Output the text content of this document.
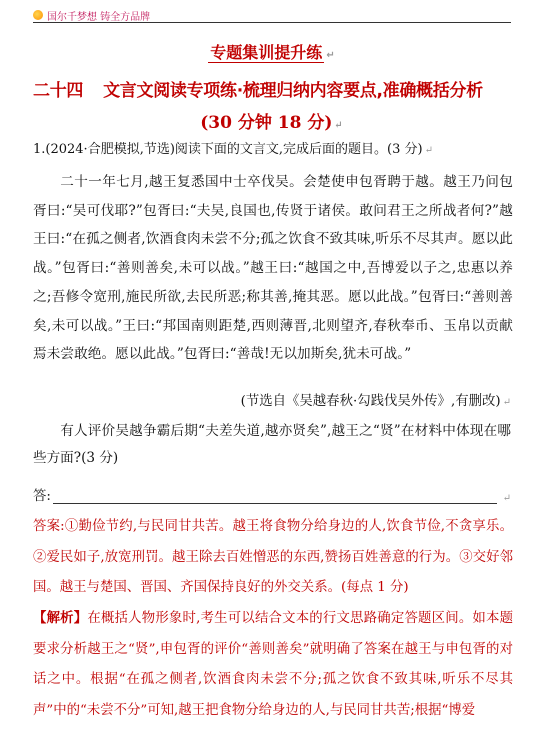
国尔千梦想 铸全方品牌
专题集训提升练 ↵
二十四 文言文阅读专项练·梳理归纳内容要点,准确概括分析
(30 分钟 18 分) ↵
1.(2024·合肥模拟,节选)阅读下面的文言文,完成后面的题目。(3 分) ↵

二十一年七月,越王复悉国中士卒伐吴。会楚使申包胥聘于越。越王乃问包胥曰:“吴可伐耶?”包胥曰:“夫吴,良国也,传贤于诸侯。敢问君王之所战者何?”越王曰:“在孤之侧者,饮酒食肉未尝不分;孤之饮食不致其味,听乐不尽其声。愿以此战。”包胥曰:“善则善矣,未可以战。”越王曰:“越国之中,吾博爱以子之,忠惠以养之;吾修令宽刑,施民所欲,去民所恶;称其善,掩其恶。愿以此战。”包胥曰:“善则善矣,未可以战。”王曰:“邦国南则距楚,西则薄晋,北则望齐,春秋奉币、玉帛以贡献焉未尝敢绝。愿以此战。”包胥曰:“善哉!无以加斯矣,犹未可战。”

(节选自《吴越春秋·勾践伐吴外传》,有删改) ↵
有人评价吴越争霸后期“夫差失道,越亦贤矣”,越王之“贤”在材料中体现在哪些方面?(3 分)
答:	↵
答案:①勤俭节约,与民同甘共苦。越王将食物分给身边的人,饮食节俭,不贪享乐。②爱民如子,放宽刑罚。越王除去百姓憎恶的东西,赞扬百姓善意的行为。③交好邻国。越王与楚国、晋国、齐国保持良好的外交关系。(每点 1 分)
【解析】在概括人物形象时,考生可以结合文本的行文思路确定答题区间。如本题要求分析越王之“贤”,申包胥的评价“善则善矣”就明确了答案在越王与申包胥的对话之中。根据“在孤之侧者,饮酒食肉未尝不分;孤之饮食不致其味,听乐不尽其声”中的“未尝不分”可知,越王把食物分给身边的人,与民同甘共苦;根据“博爱
